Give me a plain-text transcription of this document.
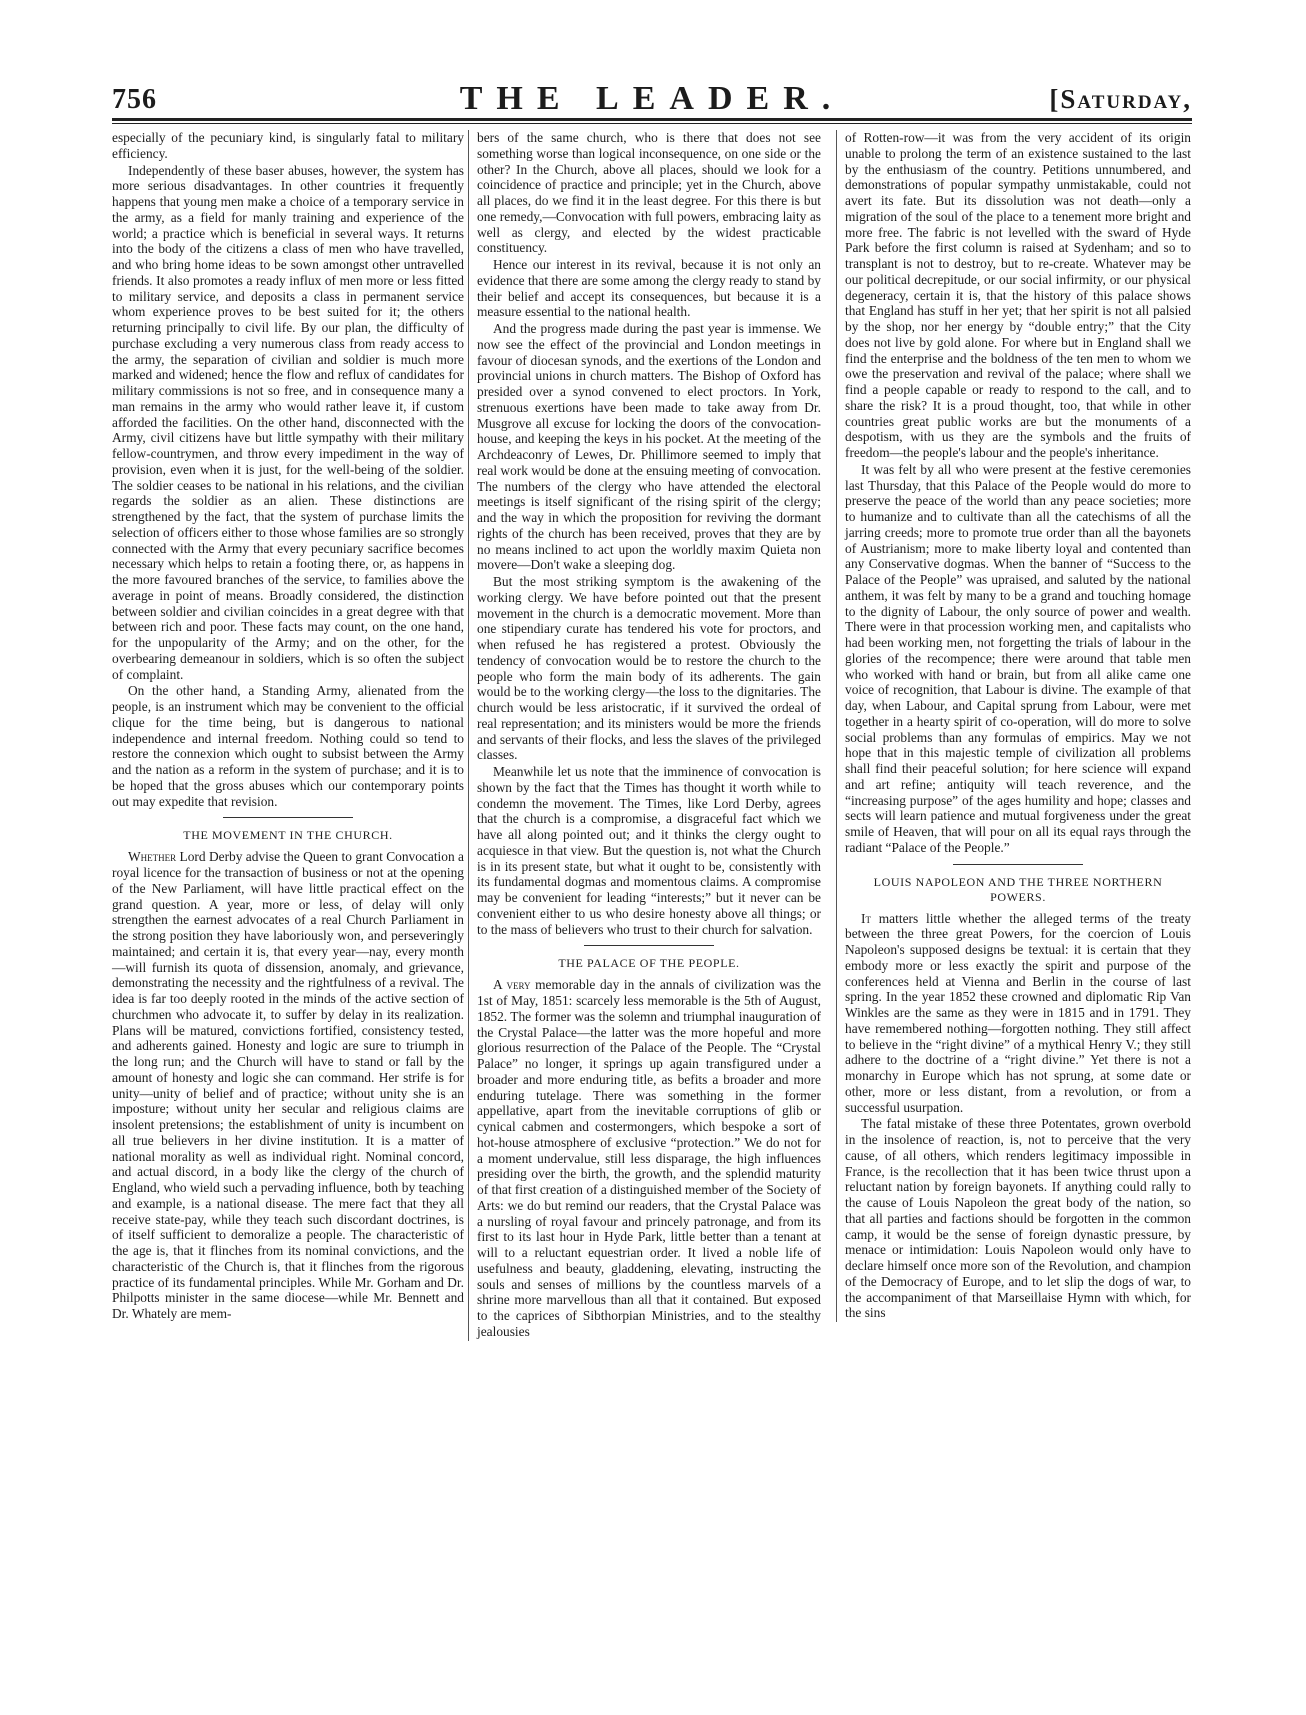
756	THE LEADER.	[Saturday,

especially of the pecuniary kind, is singularly fatal to military efficiency.

Independently of these baser abuses, however, the system has more serious disadvantages. In other countries it frequently happens that young men make a choice of a temporary service in the army, as a field for manly training and experience of the world; a practice which is beneficial in several ways. It returns into the body of the citizens a class of men who have travelled, and who bring home ideas to be sown amongst other untravelled friends. It also promotes a ready influx of men more or less fitted to military service, and deposits a class in permanent service whom experience proves to be best suited for it; the others returning principally to civil life. By our plan, the difficulty of purchase excluding a very numerous class from ready access to the army, the separation of civilian and soldier is much more marked and widened; hence the flow and reflux of candidates for military commissions is not so free, and in consequence many a man remains in the army who would rather leave it, if custom afforded the facilities. On the other hand, disconnected with the Army, civil citizens have but little sympathy with their military fellow-countrymen, and throw every impediment in the way of provision, even when it is just, for the well-being of the soldier. The soldier ceases to be national in his relations, and the civilian regards the soldier as an alien. These distinctions are strengthened by the fact, that the system of purchase limits the selection of officers either to those whose families are so strongly connected with the Army that every pecuniary sacrifice becomes necessary which helps to retain a footing there, or, as happens in the more favoured branches of the service, to families above the average in point of means. Broadly considered, the distinction between soldier and civilian coincides in a great degree with that between rich and poor. These facts may count, on the one hand, for the unpopularity of the Army; and on the other, for the overbearing demeanour in soldiers, which is so often the subject of complaint.

On the other hand, a Standing Army, alienated from the people, is an instrument which may be convenient to the official clique for the time being, but is dangerous to national independence and internal freedom. Nothing could so tend to restore the connexion which ought to subsist between the Army and the nation as a reform in the system of purchase; and it is to be hoped that the gross abuses which our contemporary points out may expedite that revision.

THE MOVEMENT IN THE CHURCH.

Whether Lord Derby advise the Queen to grant Convocation a royal licence for the transaction of business or not at the opening of the New Parliament, will have little practical effect on the grand question. A year, more or less, of delay will only strengthen the earnest advocates of a real Church Parliament in the strong position they have laboriously won, and perseveringly maintained; and certain it is, that every year—nay, every month—will furnish its quota of dissension, anomaly, and grievance, demonstrating the necessity and the rightfulness of a revival. The idea is far too deeply rooted in the minds of the active section of churchmen who advocate it, to suffer by delay in its realization. Plans will be matured, convictions fortified, consistency tested, and adherents gained. Honesty and logic are sure to triumph in the long run; and the Church will have to stand or fall by the amount of honesty and logic she can command. Her strife is for unity—unity of belief and of practice; without unity she is an imposture; without unity her secular and religious claims are insolent pretensions; the establishment of unity is incumbent on all true believers in her divine institution. It is a matter of national morality as well as individual right. Nominal concord, and actual discord, in a body like the clergy of the church of England, who wield such a pervading influence, both by teaching and example, is a national disease. The mere fact that they all receive state-pay, while they teach such discordant doctrines, is of itself sufficient to demoralize a people. The characteristic of the age is, that it flinches from its nominal convictions, and the characteristic of the Church is, that it flinches from the rigorous practice of its fundamental principles. While Mr. Gorham and Dr. Philpotts minister in the same diocese—while Mr. Bennett and Dr. Whately are mem-

bers of the same church, who is there that does not see something worse than logical inconsequence, on one side or the other? In the Church, above all places, should we look for a coincidence of practice and principle; yet in the Church, above all places, do we find it in the least degree. For this there is but one remedy,—Convocation with full powers, embracing laity as well as clergy, and elected by the widest practicable constituency.

Hence our interest in its revival, because it is not only an evidence that there are some among the clergy ready to stand by their belief and accept its consequences, but because it is a measure essential to the national health.

And the progress made during the past year is immense. We now see the effect of the provincial and London meetings in favour of diocesan synods, and the exertions of the London and provincial unions in church matters. The Bishop of Oxford has presided over a synod convened to elect proctors. In York, strenuous exertions have been made to take away from Dr. Musgrove all excuse for locking the doors of the convocation-house, and keeping the keys in his pocket. At the meeting of the Archdeaconry of Lewes, Dr. Phillimore seemed to imply that real work would be done at the ensuing meeting of convocation. The numbers of the clergy who have attended the electoral meetings is itself significant of the rising spirit of the clergy; and the way in which the proposition for reviving the dormant rights of the church has been received, proves that they are by no means inclined to act upon the worldly maxim Quieta non movere—Don't wake a sleeping dog.

But the most striking symptom is the awakening of the working clergy. We have before pointed out that the present movement in the church is a democratic movement. More than one stipendiary curate has tendered his vote for proctors, and when refused he has registered a protest. Obviously the tendency of convocation would be to restore the church to the people who form the main body of its adherents. The gain would be to the working clergy—the loss to the dignitaries. The church would be less aristocratic, if it survived the ordeal of real representation; and its ministers would be more the friends and servants of their flocks, and less the slaves of the privileged classes.

Meanwhile let us note that the imminence of convocation is shown by the fact that the Times has thought it worth while to condemn the movement. The Times, like Lord Derby, agrees that the church is a compromise, a disgraceful fact which we have all along pointed out; and it thinks the clergy ought to acquiesce in that view. But the question is, not what the Church is in its present state, but what it ought to be, consistently with its fundamental dogmas and momentous claims. A compromise may be convenient for leading “interests;” but it never can be convenient either to us who desire honesty above all things; or to the mass of believers who trust to their church for salvation.

THE PALACE OF THE PEOPLE.

A very memorable day in the annals of civilization was the 1st of May, 1851: scarcely less memorable is the 5th of August, 1852. The former was the solemn and triumphal inauguration of the Crystal Palace—the latter was the more hopeful and more glorious resurrection of the Palace of the People. The “Crystal Palace” no longer, it springs up again transfigured under a broader and more enduring title, as befits a broader and more enduring tutelage. There was something in the former appellative, apart from the inevitable corruptions of glib or cynical cabmen and costermongers, which bespoke a sort of hot-house atmosphere of exclusive “protection.” We do not for a moment undervalue, still less disparage, the high influences presiding over the birth, the growth, and the splendid maturity of that first creation of a distinguished member of the Society of Arts: we do but remind our readers, that the Crystal Palace was a nursling of royal favour and princely patronage, and from its first to its last hour in Hyde Park, little better than a tenant at will to a reluctant equestrian order. It lived a noble life of usefulness and beauty, gladdening, elevating, instructing the souls and senses of millions by the countless marvels of a shrine more marvellous than all that it contained. But exposed to the caprices of Sibthorpian Ministries, and to the stealthy jealousies

of Rotten-row—it was from the very accident of its origin unable to prolong the term of an existence sustained to the last by the enthusiasm of the country. Petitions unnumbered, and demonstrations of popular sympathy unmistakable, could not avert its fate. But its dissolution was not death—only a migration of the soul of the place to a tenement more bright and more free. The fabric is not levelled with the sward of Hyde Park before the first column is raised at Sydenham; and so to transplant is not to destroy, but to re-create. Whatever may be our political decrepitude, or our social infirmity, or our physical degeneracy, certain it is, that the history of this palace shows that England has stuff in her yet; that her spirit is not all palsied by the shop, nor her energy by “double entry;” that the City does not live by gold alone. For where but in England shall we find the enterprise and the boldness of the ten men to whom we owe the preservation and revival of the palace; where shall we find a people capable or ready to respond to the call, and to share the risk? It is a proud thought, too, that while in other countries great public works are but the monuments of a despotism, with us they are the symbols and the fruits of freedom—the people's labour and the people's inheritance.

It was felt by all who were present at the festive ceremonies last Thursday, that this Palace of the People would do more to preserve the peace of the world than any peace societies; more to humanize and to cultivate than all the catechisms of all the jarring creeds; more to promote true order than all the bayonets of Austrianism; more to make liberty loyal and contented than any Conservative dogmas. When the banner of “Success to the Palace of the People” was upraised, and saluted by the national anthem, it was felt by many to be a grand and touching homage to the dignity of Labour, the only source of power and wealth. There were in that procession working men, and capitalists who had been working men, not forgetting the trials of labour in the glories of the recompence; there were around that table men who worked with hand or brain, but from all alike came one voice of recognition, that Labour is divine. The example of that day, when Labour, and Capital sprung from Labour, were met together in a hearty spirit of co-operation, will do more to solve social problems than any formulas of empirics. May we not hope that in this majestic temple of civilization all problems shall find their peaceful solution; for here science will expand and art refine; antiquity will teach reverence, and the “increasing purpose” of the ages humility and hope; classes and sects will learn patience and mutual forgiveness under the great smile of Heaven, that will pour on all its equal rays through the radiant “Palace of the People.”

LOUIS NAPOLEON AND THE THREE NORTHERN POWERS.

It matters little whether the alleged terms of the treaty between the three great Powers, for the coercion of Louis Napoleon's supposed designs be textual: it is certain that they embody more or less exactly the spirit and purpose of the conferences held at Vienna and Berlin in the course of last spring. In the year 1852 these crowned and diplomatic Rip Van Winkles are the same as they were in 1815 and in 1791. They have remembered nothing—forgotten nothing. They still affect to believe in the “right divine” of a mythical Henry V.; they still adhere to the doctrine of a “right divine.” Yet there is not a monarchy in Europe which has not sprung, at some date or other, more or less distant, from a revolution, or from a successful usurpation.

The fatal mistake of these three Potentates, grown overbold in the insolence of reaction, is, not to perceive that the very cause, of all others, which renders legitimacy impossible in France, is the recollection that it has been twice thrust upon a reluctant nation by foreign bayonets. If anything could rally to the cause of Louis Napoleon the great body of the nation, so that all parties and factions should be forgotten in the common camp, it would be the sense of foreign dynastic pressure, by menace or intimidation: Louis Napoleon would only have to declare himself once more son of the Revolution, and champion of the Democracy of Europe, and to let slip the dogs of war, to the accompaniment of that Marseillaise Hymn with which, for the sins
